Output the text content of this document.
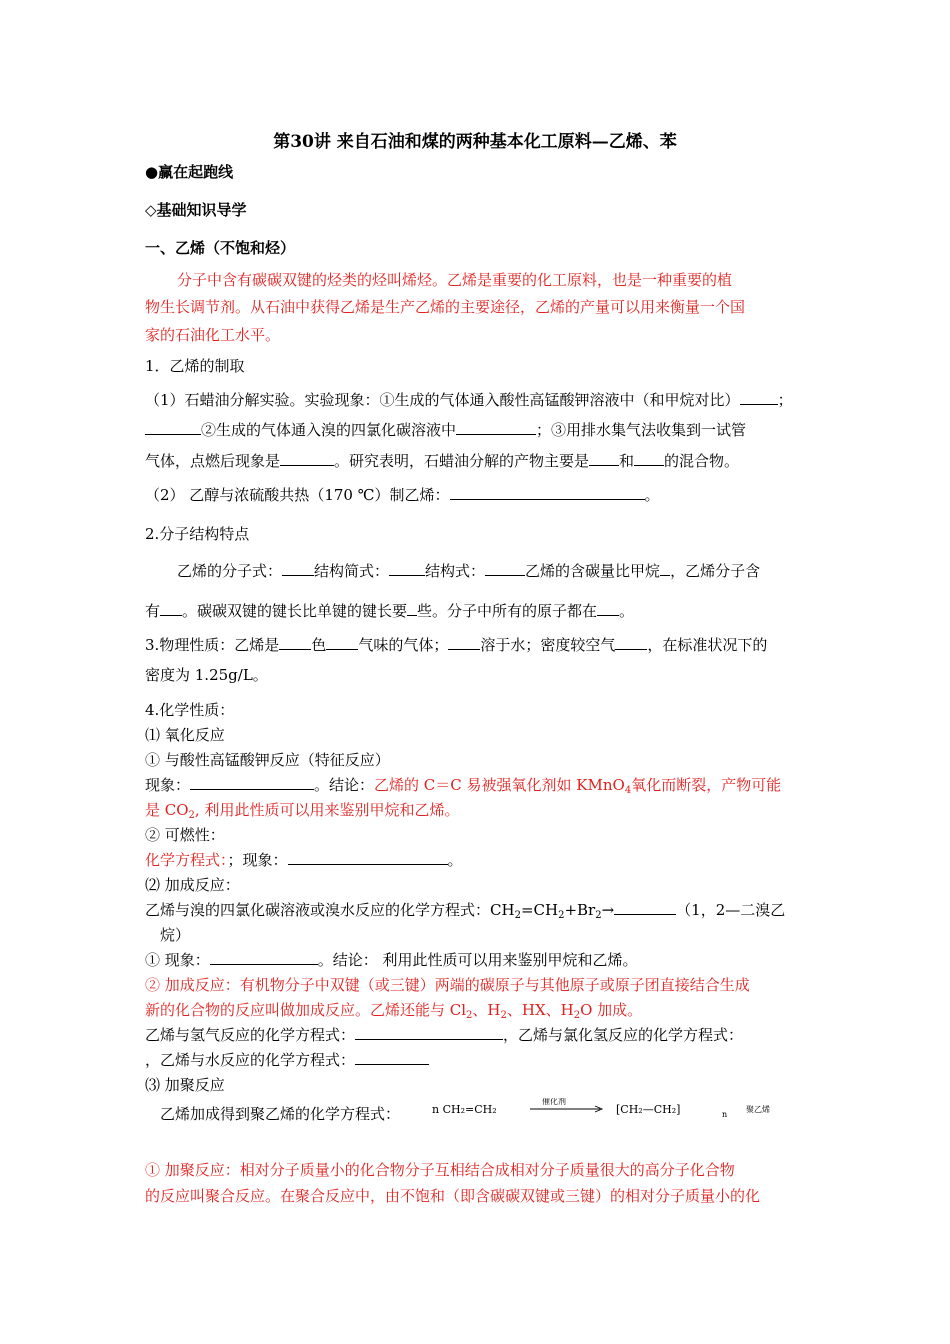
第30讲 来自石油和煤的两种基本化工原料—乙烯、苯
●赢在起跑线
◇基础知识导学
一、乙烯（不饱和烃）
分子中含有碳碳双键的烃类的烃叫烯烃。乙烯是重要的化工原料，也是一种重要的植
物生长调节剂。从石油中获得乙烯是生产乙烯的主要途径，乙烯的产量可以用来衡量一个国
家的石油化工水平。
1．乙烯的制取
（1）石蜡油分解实验。实验现象：①生成的气体通入酸性高锰酸钾溶液中（和甲烷对比）	；
②生成的气体通入溴的四氯化碳溶液中	；③用排水集气法收集到一试管
气体，点燃后现象是	。研究表明，石蜡油分解的产物主要是 和 的混合物。
（2） 乙醇与浓硫酸共热（170 ℃）制乙烯：	。
2.分子结构特点
乙烯的分子式： 结构简式： 结构式：	乙烯的含碳量比甲烷 ，乙烯分子含
有 。碳碳双键的键长比单键的键长要 些。分子中所有的原子都在 。
3.物理性质：乙烯是 色 气味的气体； 溶于水；密度较空气 ，在标准状况下的
密度为 1.25g/L。
4.化学性质：
⑴ 氧化反应
① 与酸性高锰酸钾反应（特征反应）
现象：	。结论：乙烯的 C＝C 易被强氧化剂如 KMnO$_4$氧化而断裂，产物可能
是 $CO_2$, 利用此性质可以用来鉴别甲烷和乙烯。
② 可燃性：
化学方程式：；现象：	。
⑵ 加成反应：
乙烯与溴的四氯化碳溶液或溴水反应的化学方程式：$CH_2=CH_2+Br_2\to$	（1，2—二溴乙
烷）
① 现象：	。结论： 利用此性质可以用来鉴别甲烷和乙烯。
② 加成反应：有机物分子中双键（或三键）两端的碳原子与其他原子或原子团直接结合生成
新的化合物的反应叫做加成反应。乙烯还能与 $Cl_2$、$H_2$、HX、$H_2O$ 加成。
乙烯与氢气反应的化学方程式：	，乙烯与氯化氢反应的化学方程式：
，乙烯与水反应的化学方程式：
⑶ 加聚反应
乙烯加成得到聚乙烯的化学方程式：	n CH₂=CH₂
催化剂
[CH₂—CH₂]	n
聚乙烯
① 加聚反应：相对分子质量小的化合物分子互相结合成相对分子质量很大的高分子化合物
的反应叫聚合反应。在聚合反应中，由不饱和（即含碳碳双键或三键）的相对分子质量小的化
